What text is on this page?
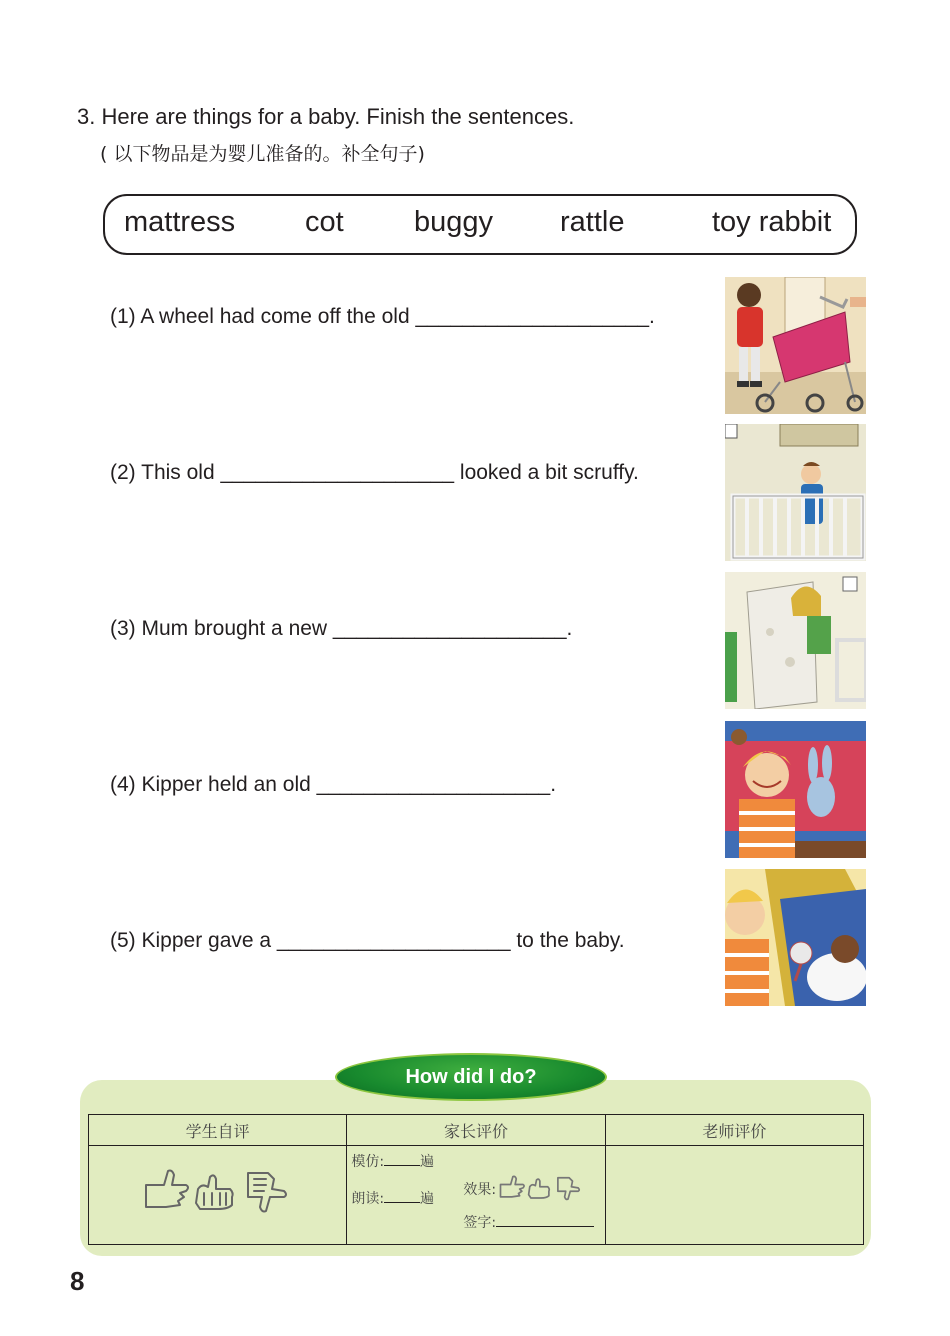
3. Here are things for a baby. Finish the sentences.
( 以下物品是为婴儿准备的。补全句子)
mattress cot buggy rattle	toy rabbit
(1) A wheel had come off the old ____________________.
(2) This old ____________________ looked a bit scruffy.
(3) Mum brought a new ____________________.
(4) Kipper held an old ____________________.
(5) Kipper gave a ____________________ to the baby.
How did I do?
学生自评	家长评价	老师评价

模仿: 遍
朗读: 遍
效果:
签字:	

8
